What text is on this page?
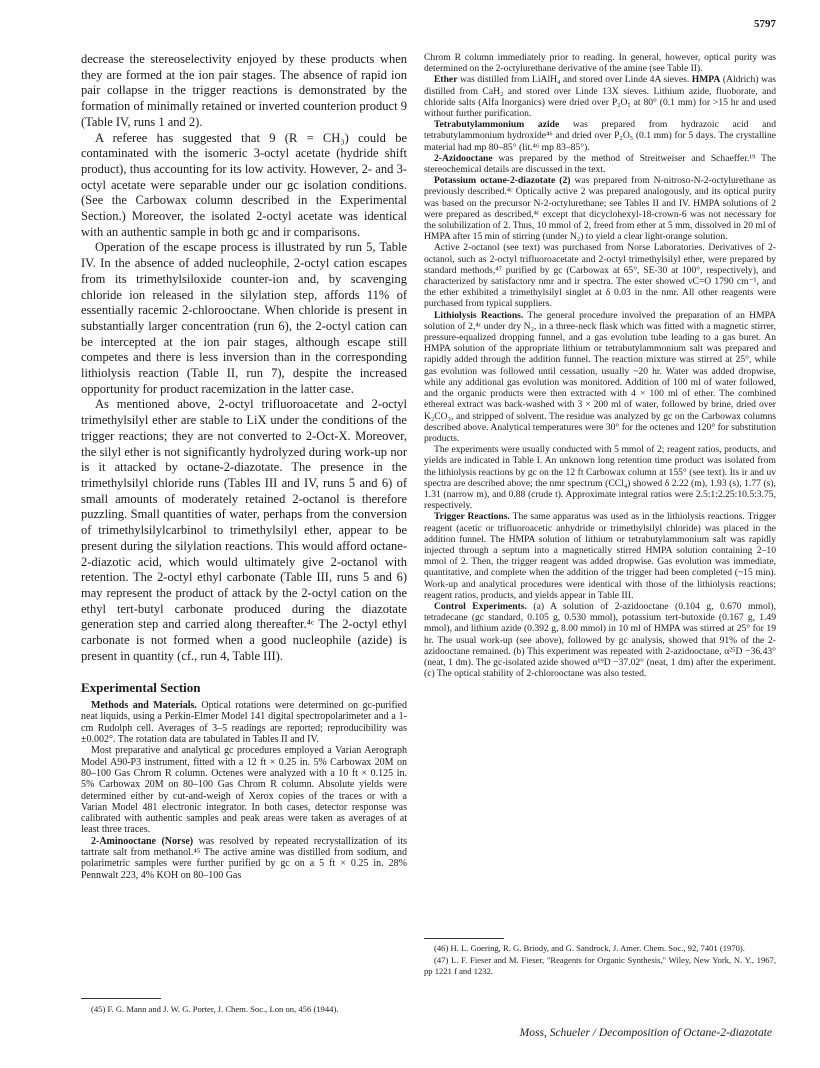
5797

decrease the stereoselectivity enjoyed by these products when they are formed at the ion pair stages. The absence of rapid ion pair collapse in the trigger reactions is demonstrated by the formation of minimally retained or inverted counterion product 9 (Table IV, runs 1 and 2).

A referee has suggested that 9 (R = CH₃) could be contaminated with the isomeric 3-octyl acetate (hydride shift product), thus accounting for its low activity. However, 2- and 3-octyl acetate were separable under our gc isolation conditions. (See the Carbowax column described in the Experimental Section.) Moreover, the isolated 2-octyl acetate was identical with an authentic sample in both gc and ir comparisons.

Operation of the escape process is illustrated by run 5, Table IV. In the absence of added nucleophile, 2-octyl cation escapes from its trimethylsiloxide counter-ion and, by scavenging chloride ion released in the silylation step, affords 11% of essentially racemic 2-chlorooctane. When chloride is present in substantially larger concentration (run 6), the 2-octyl cation can be intercepted at the ion pair stages, although escape still competes and there is less inversion than in the corresponding lithiolysis reaction (Table II, run 7), despite the increased opportunity for product racemization in the latter case.

As mentioned above, 2-octyl trifluoroacetate and 2-octyl trimethylsilyl ether are stable to LiX under the conditions of the trigger reactions; they are not converted to 2-Oct-X. Moreover, the silyl ether is not significantly hydrolyzed during work-up nor is it attacked by octane-2-diazotate. The presence in the trimethylsilyl chloride runs (Tables III and IV, runs 5 and 6) of small amounts of moderately retained 2-octanol is therefore puzzling. Small quantities of water, perhaps from the conversion of trimethylsilylcarbinol to trimethylsilyl ether, appear to be present during the silylation reactions. This would afford octane-2-diazotic acid, which would ultimately give 2-octanol with retention. The 2-octyl ethyl carbonate (Table III, runs 5 and 6) may represent the product of attack by the 2-octyl cation on the ethyl tert-butyl carbonate produced during the diazotate generation step and carried along thereafter.⁴ᶜ The 2-octyl ethyl carbonate is not formed when a good nucleophile (azide) is present in quantity (cf., run 4, Table III).

Experimental Section

Methods and Materials. Optical rotations were determined on gc-purified neat liquids, using a Perkin-Elmer Model 141 digital spectropolarimeter and a 1-cm Rudolph cell. Averages of 3–5 readings are reported; reproducibility was ±0.002°. The rotation data are tabulated in Tables II and IV.

Most preparative and analytical gc procedures employed a Varian Aerograph Model A90-P3 instrument, fitted with a 12 ft × 0.25 in. 5% Carbowax 20M on 80–100 Gas Chrom R column. Octenes were analyzed with a 10 ft × 0.125 in. 5% Carbowax 20M on 80–100 Gas Chrom R column. Absolute yields were determined either by cut-and-weigh of Xerox copies of the traces or with a Varian Model 481 electronic integrator. In both cases, detector response was calibrated with authentic samples and peak areas were taken as averages of at least three traces.

2-Aminooctane (Norse) was resolved by repeated recrystallization of its tartrate salt from methanol.⁴⁵ The active amine was distilled from sodium, and polarimetric samples were further purified by gc on a 5 ft × 0.25 in. 28% Pennwalt 223, 4% KOH on 80–100 Gas

Chrom R column immediately prior to reading. In general, however, optical purity was determined on the 2-octylurethane derivative of the amine (see Table II).

Ether was distilled from LiAlH₄ and stored over Linde 4A sieves. HMPA (Aldrich) was distilled from CaH₂ and stored over Linde 13X sieves. Lithium azide, fluoborate, and chloride salts (Alfa Inorganics) were dried over P₂O₅ at 80° (0.1 mm) for >15 hr and used without further purification.

Tetrabutylammonium azide was prepared from hydrazoic acid and tetrabutylammonium hydroxide⁴⁶ and dried over P₂O₅ (0.1 mm) for 5 days. The crystalline material had mp 80–85° (lit.⁴⁶ mp 83–85°).

2-Azidooctane was prepared by the method of Streitweiser and Schaeffer.¹⁹ The stereochemical details are discussed in the text.

Potassium octane-2-diazotate (2) was prepared from N-nitroso-N-2-octylurethane as previously described.⁴ᶜ Optically active 2 was prepared analogously, and its optical purity was based on the precursor N-2-octylurethane; see Tables II and IV. HMPA solutions of 2 were prepared as described,⁴ᶜ except that dicyclohexyl-18-crown-6 was not necessary for the solubilization of 2. Thus, 10 mmol of 2, freed from ether at 5 mm, dissolved in 20 ml of HMPA after 15 min of stirring (under N₂) to yield a clear light-orange solution.

Active 2-octanol (see text) was purchased from Norse Laboratories. Derivatives of 2-octanol, such as 2-octyl trifluoroacetate and 2-octyl trimethylsilyl ether, were prepared by standard methods,⁴⁷ purified by gc (Carbowax at 65°, SE-30 at 100°, respectively), and characterized by satisfactory nmr and ir spectra. The ester showed νC=O 1790 cm⁻¹, and the ether exhibited a trimethylsilyl singlet at δ 0.03 in the nmr. All other reagents were purchased from typical suppliers.

Lithiolysis Reactions. The general procedure involved the preparation of an HMPA solution of 2,⁴ᶜ under dry N₂, in a three-neck flask which was fitted with a magnetic stirrer, pressure-equalized dropping funnel, and a gas evolution tube leading to a gas buret. An HMPA solution of the appropriate lithium or tetrabutylammonium salt was prepared and rapidly added through the addition funnel. The reaction mixture was stirred at 25°, while gas evolution was followed until cessation, usually ~20 hr. Water was added dropwise, while any additional gas evolution was monitored. Addition of 100 ml of water followed, and the organic products were then extracted with 4 × 100 ml of ether. The combined ethereal extract was back-washed with 3 × 200 ml of water, followed by brine, dried over K₂CO₃, and stripped of solvent. The residue was analyzed by gc on the Carbowax columns described above. Analytical temperatures were 30° for the octenes and 120° for substitution products.

The experiments were usually conducted with 5 mmol of 2; reagent ratios, products, and yields are indicated in Table I. An unknown long retention time product was isolated from the lithiolysis reactions by gc on the 12 ft Carbowax column at 155° (see text). Its ir and uv spectra are described above; the nmr spectrum (CCl₄) showed δ 2.22 (m), 1.93 (s), 1.77 (s), 1.31 (narrow m), and 0.88 (crude t). Approximate integral ratios were 2.5:1:2.25:10.5:3.75, respectively.

Trigger Reactions. The same apparatus was used as in the lithiolysis reactions. Trigger reagent (acetic or trifluoroacetic anhydride or trimethylsilyl chloride) was placed in the addition funnel. The HMPA solution of lithium or tetrabutylammonium salt was rapidly injected through a septum into a magnetically stirred HMPA solution containing 2–10 mmol of 2. Then, the trigger reagent was added dropwise. Gas evolution was immediate, quantitative, and complete when the addition of the trigger had been completed (~15 min). Work-up and analytical procedures were identical with those of the lithiolysis reactions; reagent ratios, products, and yields appear in Table III.

Control Experiments. (a) A solution of 2-azidooctane (0.104 g, 0.670 mmol), tetradecane (gc standard, 0.105 g, 0.530 mmol), potassium tert-butoxide (0.167 g, 1.49 mmol), and lithium azide (0.392 g, 8.00 mmol) in 10 ml of HMPA was stirred at 25° for 19 hr. The usual work-up (see above), followed by gc analysis, showed that 91% of the 2-azidooctane remained. (b) This experiment was repeated with 2-azidooctane, α²⁵D −36.43° (neat, 1 dm). The gc-isolated azide showed α¹⁹D −37.02° (neat, 1 dm) after the experiment. (c) The optical stability of 2-chlorooctane was also tested.

(45) F. G. Mann and J. W. G. Porter, J. Chem. Soc., Lon on, 456 (1944).

(46) H. L. Goering, R. G. Briody, and G. Sandrock, J. Amer. Chem. Soc., 92, 7401 (1970).

(47) L. F. Fieser and M. Fieser, "Reagents for Organic Synthesis," Wiley, New York, N. Y., 1967, pp 1221 f and 1232.

Moss, Schueler / Decomposition of Octane-2-diazotate
